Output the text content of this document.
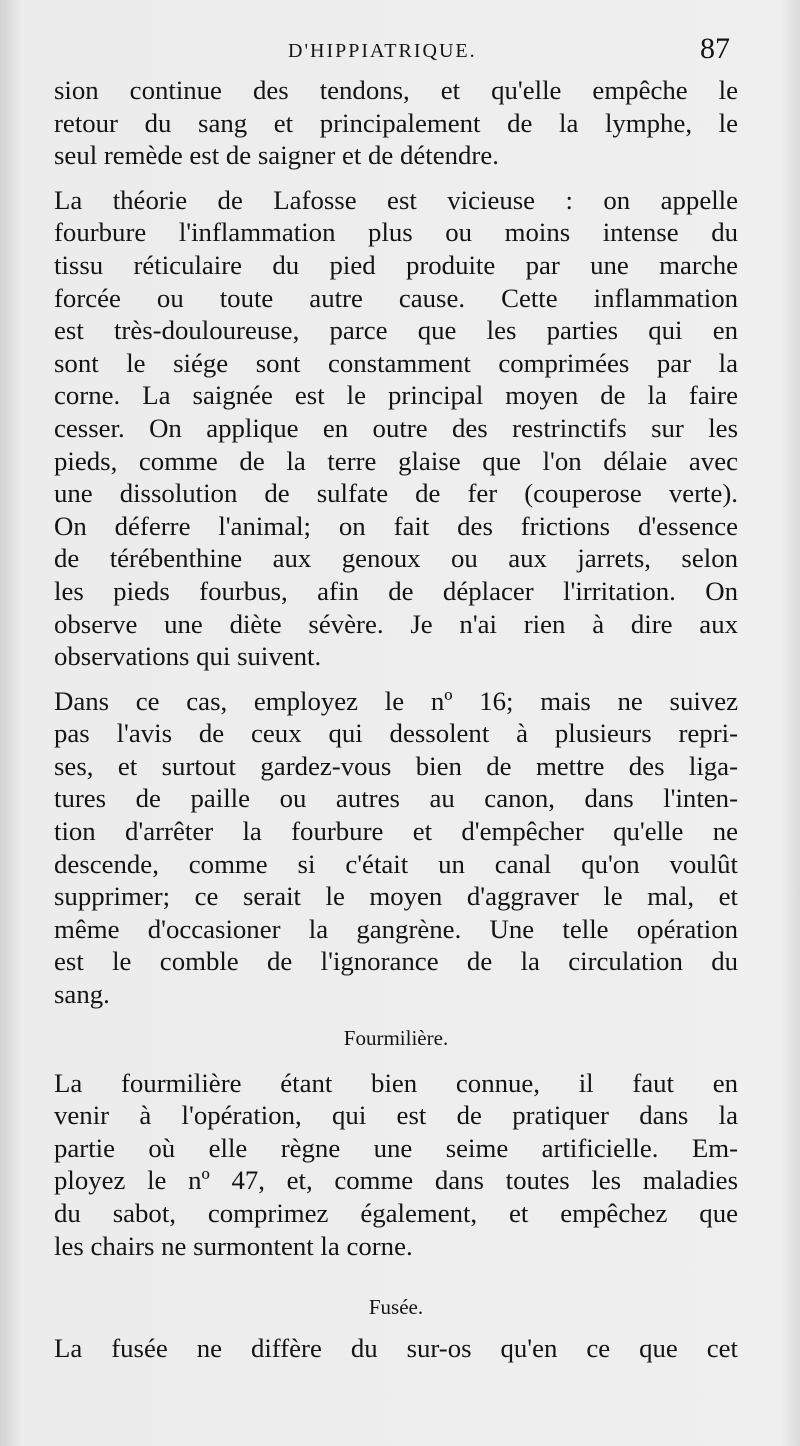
D'HIPPIATRIQUE.	87

sion continue des tendons, et qu'elle empêche le

retour du sang et principalement de la lymphe, le

seul remède est de saigner et de détendre.

La théorie de Lafosse est vicieuse : on appelle

fourbure l'inflammation plus ou moins intense du

tissu réticulaire du pied produite par une marche

forcée ou toute autre cause. Cette inflammation

est très-douloureuse, parce que les parties qui en

sont le siége sont constamment comprimées par la

corne. La saignée est le principal moyen de la faire

cesser. On applique en outre des restrinctifs sur les

pieds, comme de la terre glaise que l'on délaie avec

une dissolution de sulfate de fer (couperose verte).

On déferre l'animal; on fait des frictions d'essence

de térébenthine aux genoux ou aux jarrets, selon

les pieds fourbus, afin de déplacer l'irritation. On

observe une diète sévère. Je n'ai rien à dire aux

observations qui suivent.

Dans ce cas, employez le nº 16; mais ne suivez

pas l'avis de ceux qui dessolent à plusieurs repri-

ses, et surtout gardez-vous bien de mettre des liga-

tures de paille ou autres au canon, dans l'inten-

tion d'arrêter la fourbure et d'empêcher qu'elle ne

descende, comme si c'était un canal qu'on voulût

supprimer; ce serait le moyen d'aggraver le mal, et

même d'occasioner la gangrène. Une telle opération

est le comble de l'ignorance de la circulation du

sang.

Fourmilière.

La fourmilière étant bien connue, il faut en

venir à l'opération, qui est de pratiquer dans la

partie où elle règne une seime artificielle. Em-

ployez le nº 47, et, comme dans toutes les maladies

du sabot, comprimez également, et empêchez que

les chairs ne surmontent la corne.

Fusée.

La fusée ne diffère du sur-os qu'en ce que cet
